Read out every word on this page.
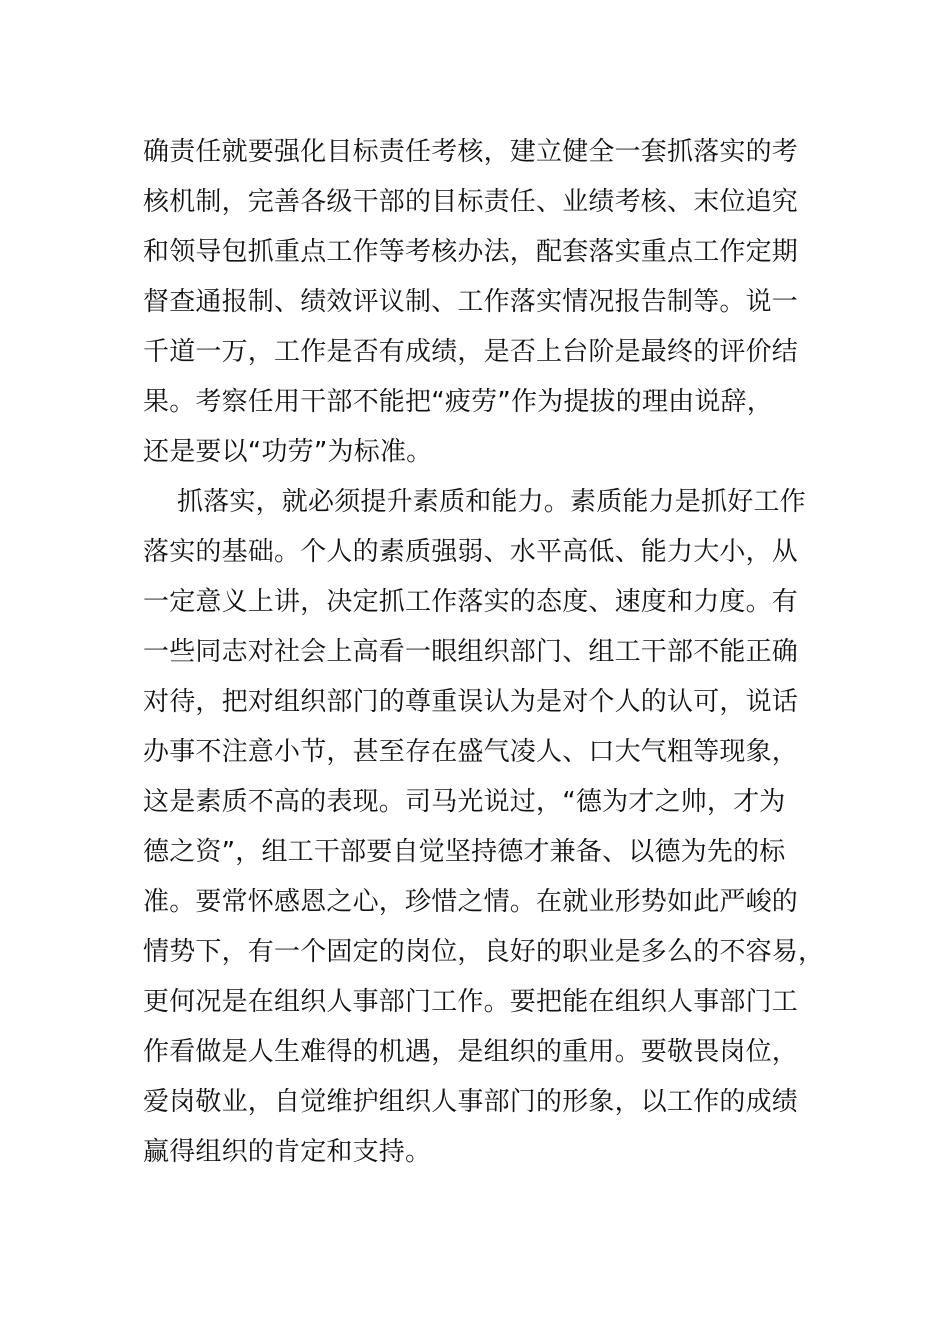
确责任就要强化目标责任考核，建立健全一套抓落实的考
核机制，完善各级干部的目标责任、业绩考核、末位追究
和领导包抓重点工作等考核办法，配套落实重点工作定期
督查通报制、绩效评议制、工作落实情况报告制等。说一
千道一万，工作是否有成绩，是否上台阶是最终的评价结
果。考察任用干部不能把“疲劳”作为提拔的理由说辞，
还是要以“功劳”为标准。
抓落实，就必须提升素质和能力。素质能力是抓好工作
落实的基础。个人的素质强弱、水平高低、能力大小，从
一定意义上讲，决定抓工作落实的态度、速度和力度。有
一些同志对社会上高看一眼组织部门、组工干部不能正确
对待，把对组织部门的尊重误认为是对个人的认可，说话
办事不注意小节，甚至存在盛气凌人、口大气粗等现象，
这是素质不高的表现。司马光说过，“德为才之帅，才为
德之资”，组工干部要自觉坚持德才兼备、以德为先的标
准。要常怀感恩之心，珍惜之情。在就业形势如此严峻的
情势下，有一个固定的岗位，良好的职业是多么的不容易，
更何况是在组织人事部门工作。要把能在组织人事部门工
作看做是人生难得的机遇，是组织的重用。要敬畏岗位，
爱岗敬业，自觉维护组织人事部门的形象，以工作的成绩
赢得组织的肯定和支持。
